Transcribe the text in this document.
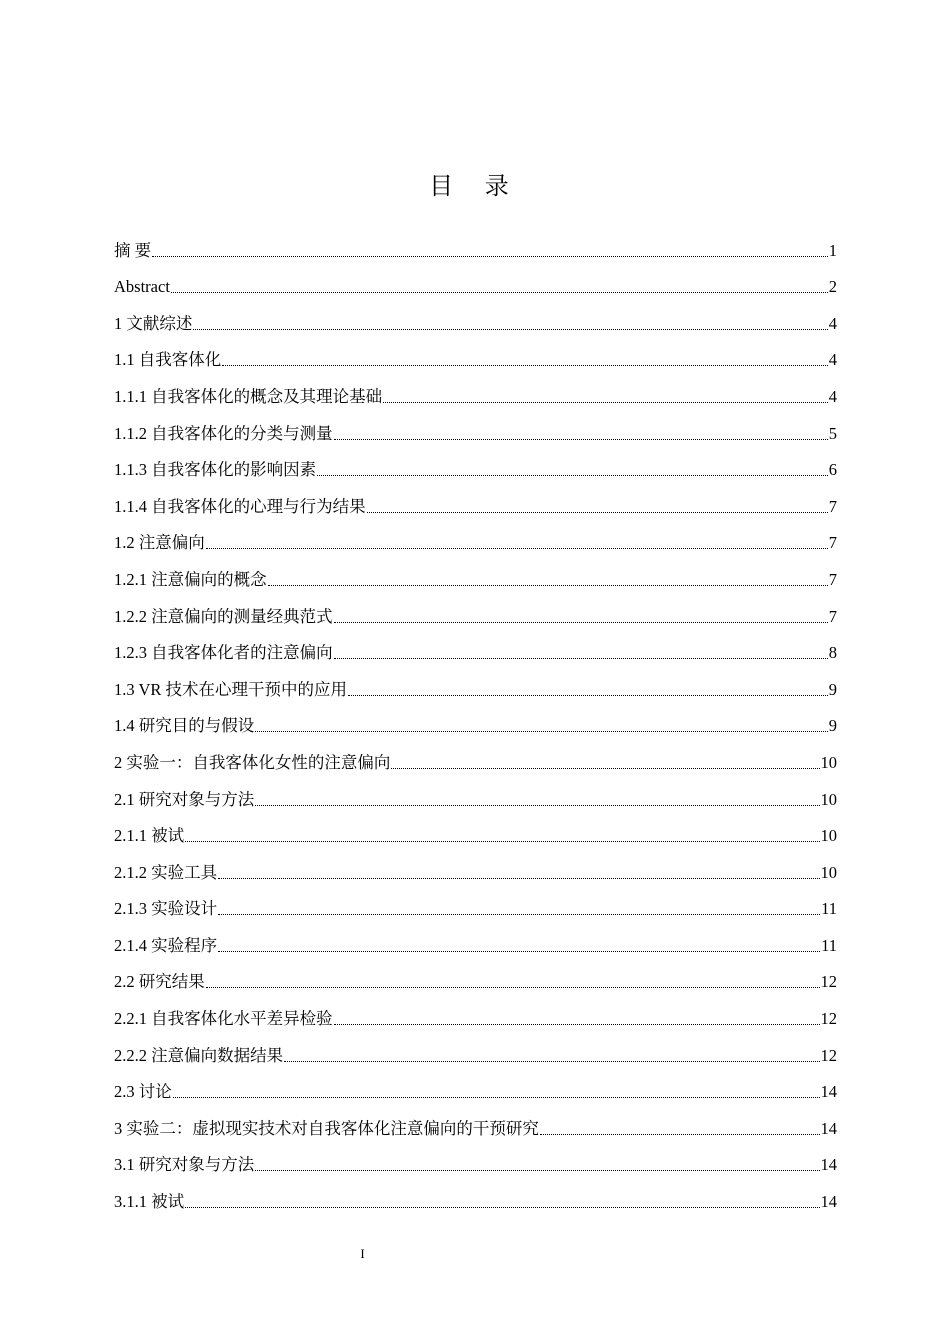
目 录
摘 要	1
Abstract	2
1 文献综述	4
1.1 自我客体化	4
1.1.1 自我客体化的概念及其理论基础	4
1.1.2 自我客体化的分类与测量	5
1.1.3 自我客体化的影响因素	6
1.1.4 自我客体化的心理与行为结果	7
1.2 注意偏向	7
1.2.1 注意偏向的概念	7
1.2.2 注意偏向的测量经典范式	7
1.2.3 自我客体化者的注意偏向	8
1.3 VR 技术在心理干预中的应用	9
1.4 研究目的与假设	9
2 实验一：自我客体化女性的注意偏向	10
2.1 研究对象与方法	10
2.1.1 被试	10
2.1.2 实验工具	10
2.1.3 实验设计	11
2.1.4 实验程序	11
2.2 研究结果	12
2.2.1 自我客体化水平差异检验	12
2.2.2 注意偏向数据结果	12
2.3 讨论	14
3 实验二：虚拟现实技术对自我客体化注意偏向的干预研究	14
3.1 研究对象与方法	14
3.1.1 被试	14
I
